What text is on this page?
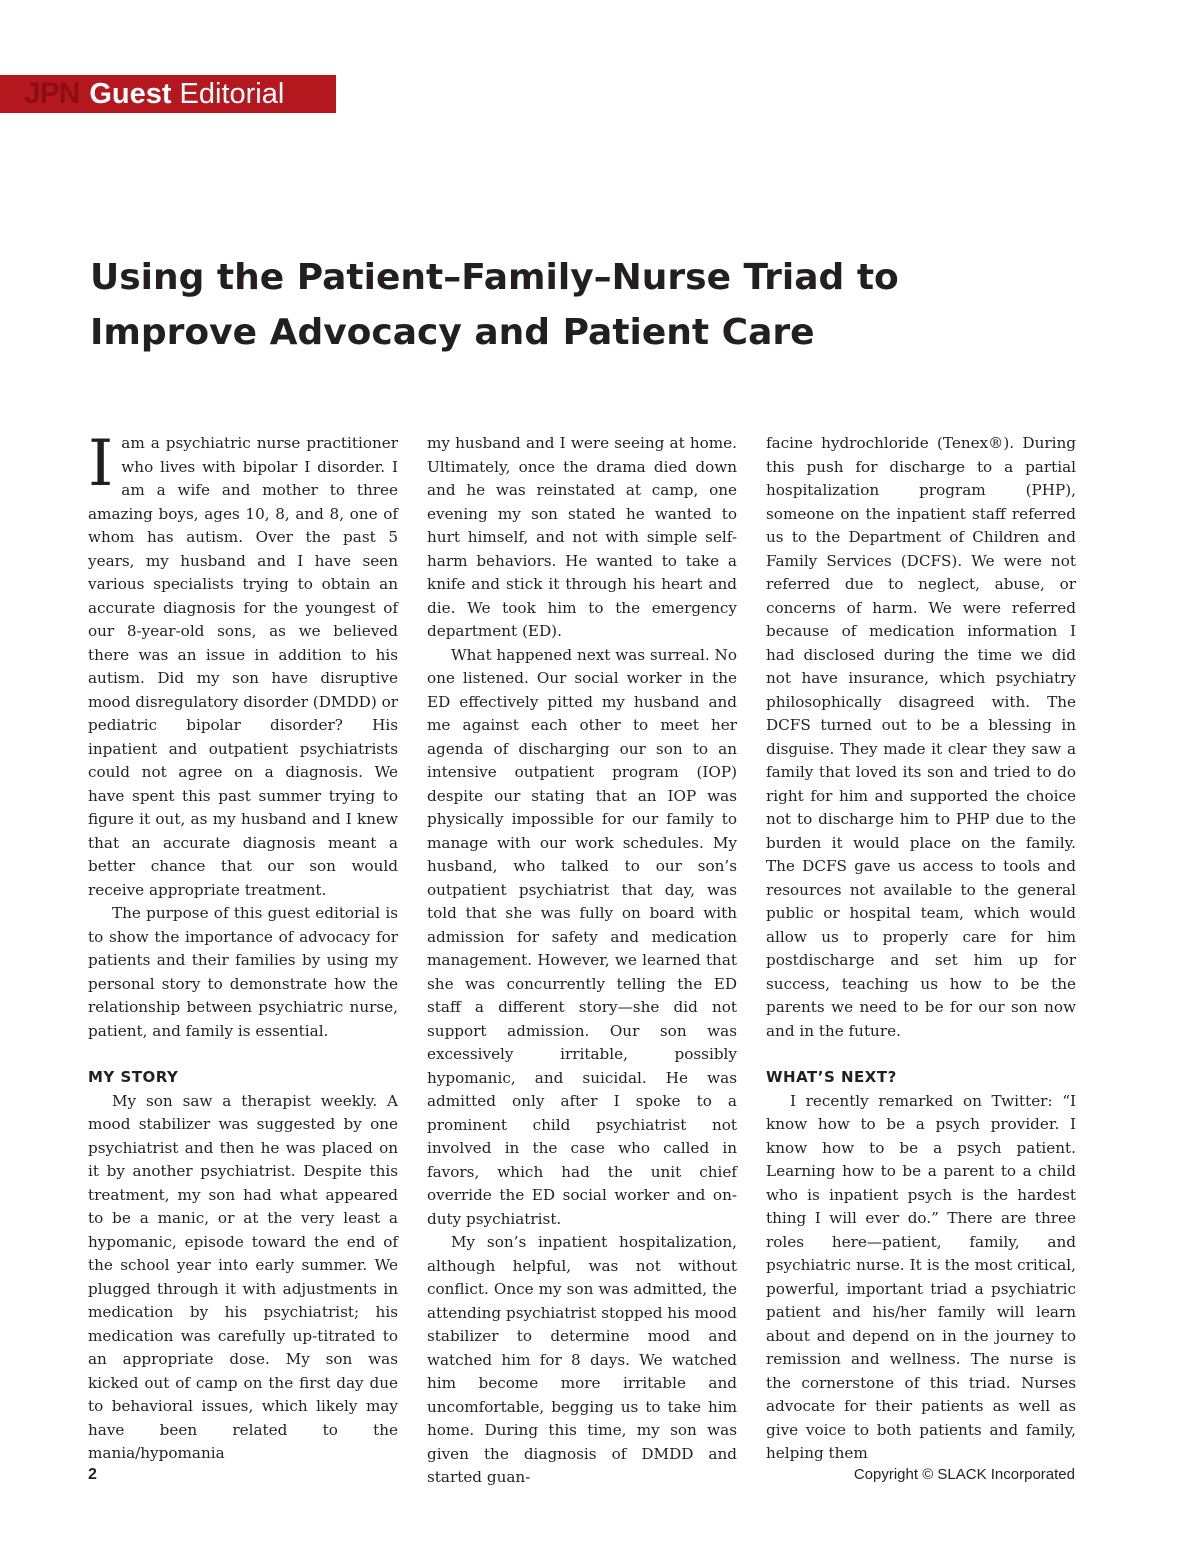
JPN Guest Editorial
Using the Patient–Family–Nurse Triad to
Improve Advocacy and Patient Care

Iam a psychiatric nurse practitioner who lives with bipolar I disorder. I am a wife and mother to three amazing boys, ages 10, 8, and 8, one of whom has autism. Over the past 5 years, my husband and I have seen various specialists trying to obtain an accurate diagnosis for the youngest of our 8-year-old sons, as we believed there was an issue in addition to his autism. Did my son have disruptive mood disregulatory disorder (DMDD) or pediatric bipolar disorder? His inpatient and outpatient psychiatrists could not agree on a diagnosis. We have spent this past summer trying to figure it out, as my husband and I knew that an accurate diagnosis meant a better chance that our son would receive appropriate treatment.

The purpose of this guest editorial is to show the importance of advocacy for patients and their families by using my personal story to demonstrate how the relationship between psychiatric nurse, patient, and family is essential.

MY STORY

My son saw a therapist weekly. A mood stabilizer was suggested by one psychiatrist and then he was placed on it by another psychiatrist. Despite this treatment, my son had what appeared to be a manic, or at the very least a hypomanic, episode toward the end of the school year into early summer. We plugged through it with adjustments in medication by his psychiatrist; his medication was carefully up-titrated to an appropriate dose. My son was kicked out of camp on the first day due to behavioral issues, which likely may have been related to the mania/hypomania

my husband and I were seeing at home. Ultimately, once the drama died down and he was reinstated at camp, one evening my son stated he wanted to hurt himself, and not with simple self-harm behaviors. He wanted to take a knife and stick it through his heart and die. We took him to the emergency department (ED).

What happened next was surreal. No one listened. Our social worker in the ED effectively pitted my husband and me against each other to meet her agenda of discharging our son to an intensive outpatient program (IOP) despite our stating that an IOP was physically impossible for our family to manage with our work schedules. My husband, who talked to our son’s outpatient psychiatrist that day, was told that she was fully on board with admission for safety and medication management. However, we learned that she was concurrently telling the ED staff a different story—she did not support admission. Our son was excessively irritable, possibly hypomanic, and suicidal. He was admitted only after I spoke to a prominent child psychiatrist not involved in the case who called in favors, which had the unit chief override the ED social worker and on-duty psychiatrist.

My son’s inpatient hospitalization, although helpful, was not without conflict. Once my son was admitted, the attending psychiatrist stopped his mood stabilizer to determine mood and watched him for 8 days. We watched him become more irritable and uncomfortable, begging us to take him home. During this time, my son was given the diagnosis of DMDD and started guan-

facine hydrochloride (Tenex®). During this push for discharge to a partial hospitalization program (PHP), someone on the inpatient staff referred us to the Department of Children and Family Services (DCFS). We were not referred due to neglect, abuse, or concerns of harm. We were referred because of medication information I had disclosed during the time we did not have insurance, which psychiatry philosophically disagreed with. The DCFS turned out to be a blessing in disguise. They made it clear they saw a family that loved its son and tried to do right for him and supported the choice not to discharge him to PHP due to the burden it would place on the family. The DCFS gave us access to tools and resources not available to the general public or hospital team, which would allow us to properly care for him postdischarge and set him up for success, teaching us how to be the parents we need to be for our son now and in the future.

WHAT’S NEXT?

I recently remarked on Twitter: “I know how to be a psych provider. I know how to be a psych patient. Learning how to be a parent to a child who is inpatient psych is the hardest thing I will ever do.” There are three roles here—patient, family, and psychiatric nurse. It is the most critical, powerful, important triad a psychiatric patient and his/her family will learn about and depend on in the journey to remission and wellness. The nurse is the cornerstone of this triad. Nurses advocate for their patients as well as give voice to both patients and family, helping them

2	Copyright © SLACK Incorporated
